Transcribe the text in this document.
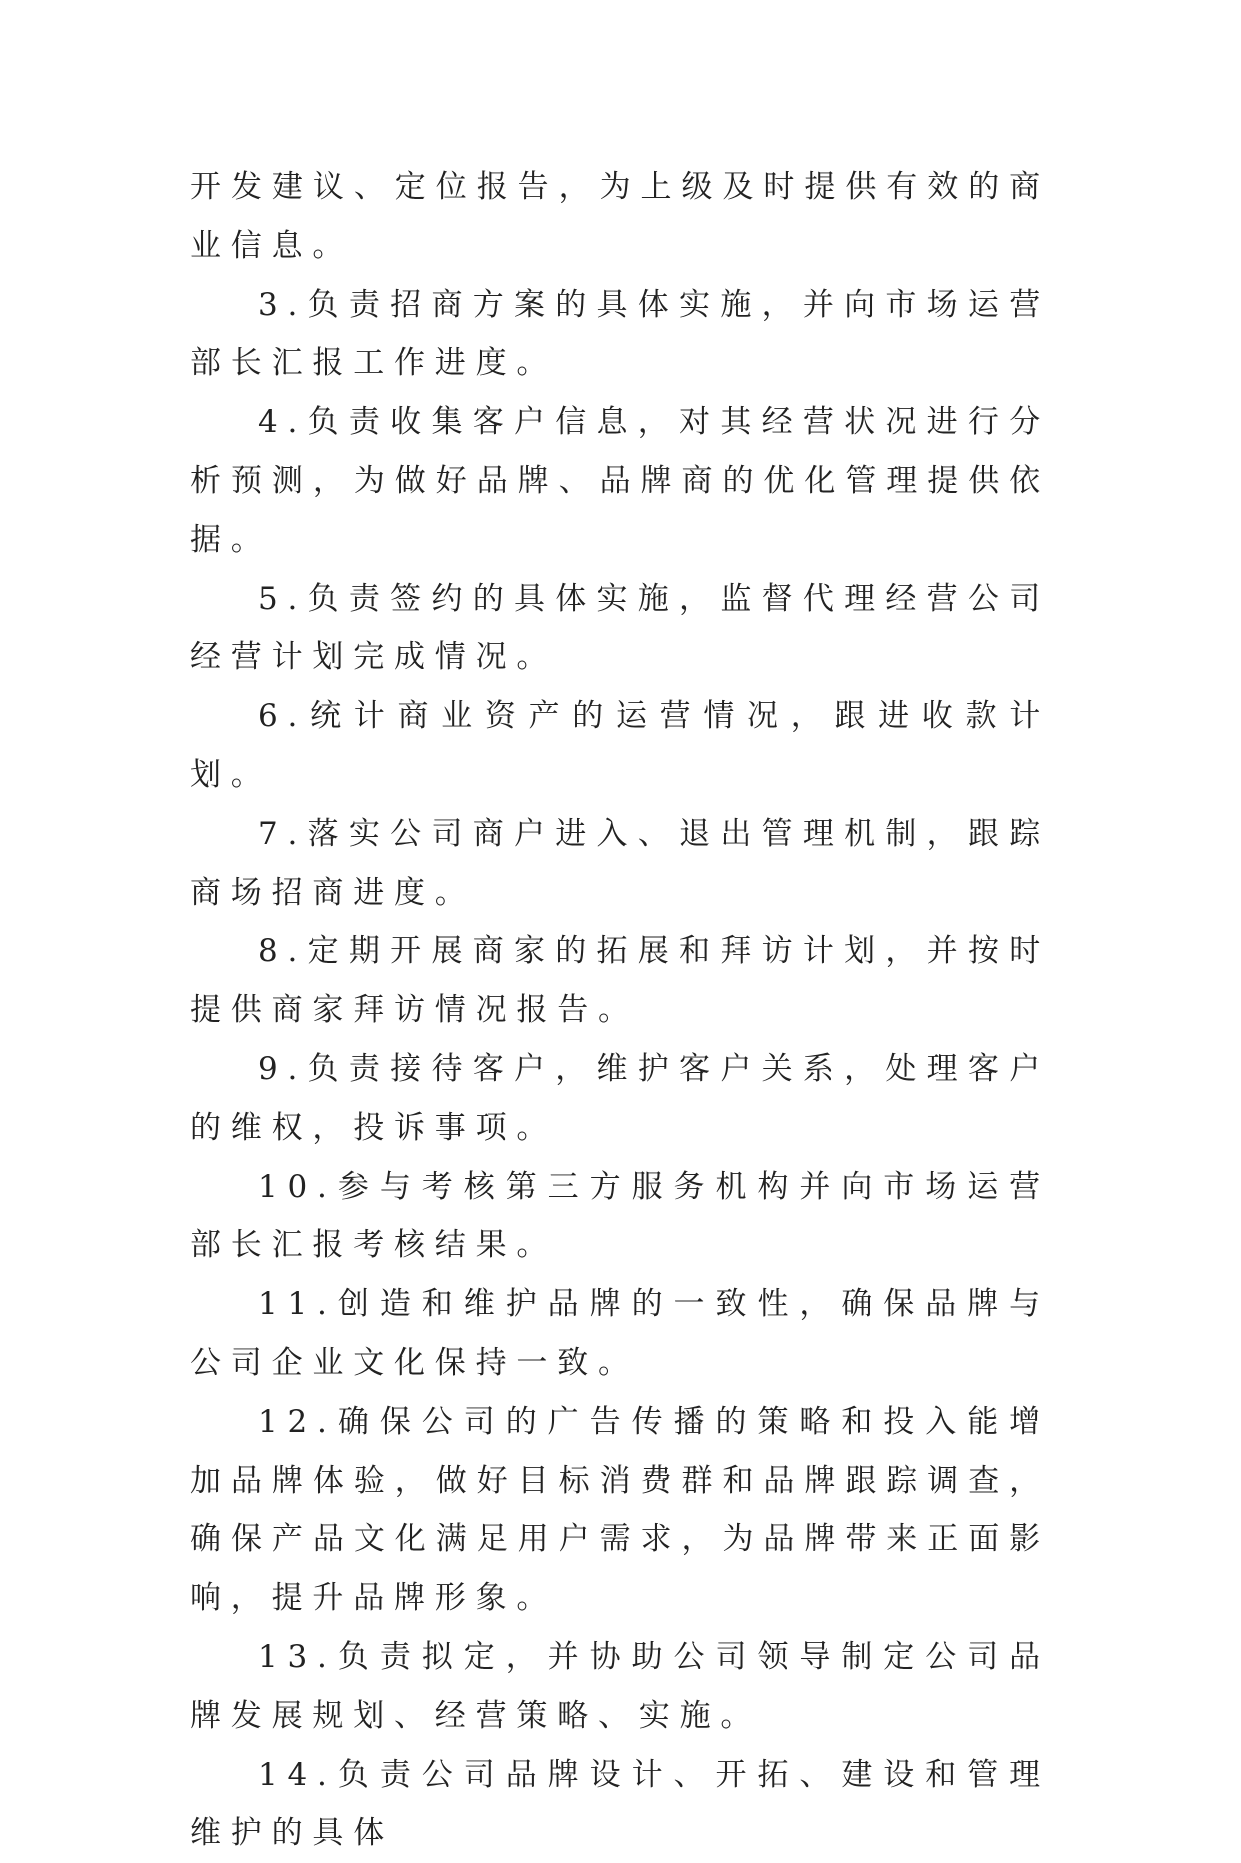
开发建议、定位报告，为上级及时提供有效的商业信息。

3.负责招商方案的具体实施，并向市场运营部长汇报工作进度。

4.负责收集客户信息，对其经营状况进行分析预测，为做好品牌、品牌商的优化管理提供依据。

5.负责签约的具体实施，监督代理经营公司经营计划完成情况。

6.统计商业资产的运营情况，跟进收款计划。

7.落实公司商户进入、退出管理机制，跟踪商场招商进度。

8.定期开展商家的拓展和拜访计划，并按时提供商家拜访情况报告。

9.负责接待客户，维护客户关系，处理客户的维权，投诉事项。

10.参与考核第三方服务机构并向市场运营部长汇报考核结果。

11.创造和维护品牌的一致性，确保品牌与公司企业文化保持一致。

12.确保公司的广告传播的策略和投入能增加品牌体验，做好目标消费群和品牌跟踪调查，确保产品文化满足用户需求，为品牌带来正面影响，提升品牌形象。

13.负责拟定，并协助公司领导制定公司品牌发展规划、经营策略、实施。

14.负责公司品牌设计、开拓、建设和管理维护的具体
